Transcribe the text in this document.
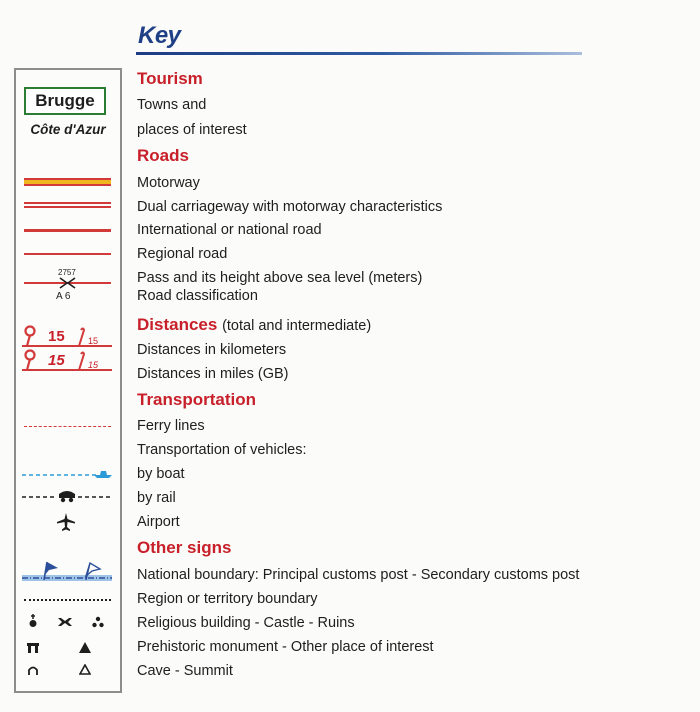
Key
Tourism
Brugge
Côte d'Azur
Towns and
places of interest
Roads
Motorway
Dual carriageway with motorway characteristics
International or national road
Regional road
2757
A 6
Pass and its height above sea level (meters)
Road classification
Distances (total and intermediate)
15	15
Distances in kilometers
15	15
Distances in miles (GB)
Transportation
Ferry lines
Transportation of vehicles:
by boat
by rail
Airport
Other signs
National boundary: Principal customs post - Secondary customs post
Region or territory boundary
Religious building - Castle - Ruins
Prehistoric monument - Other place of interest
Cave - Summit
